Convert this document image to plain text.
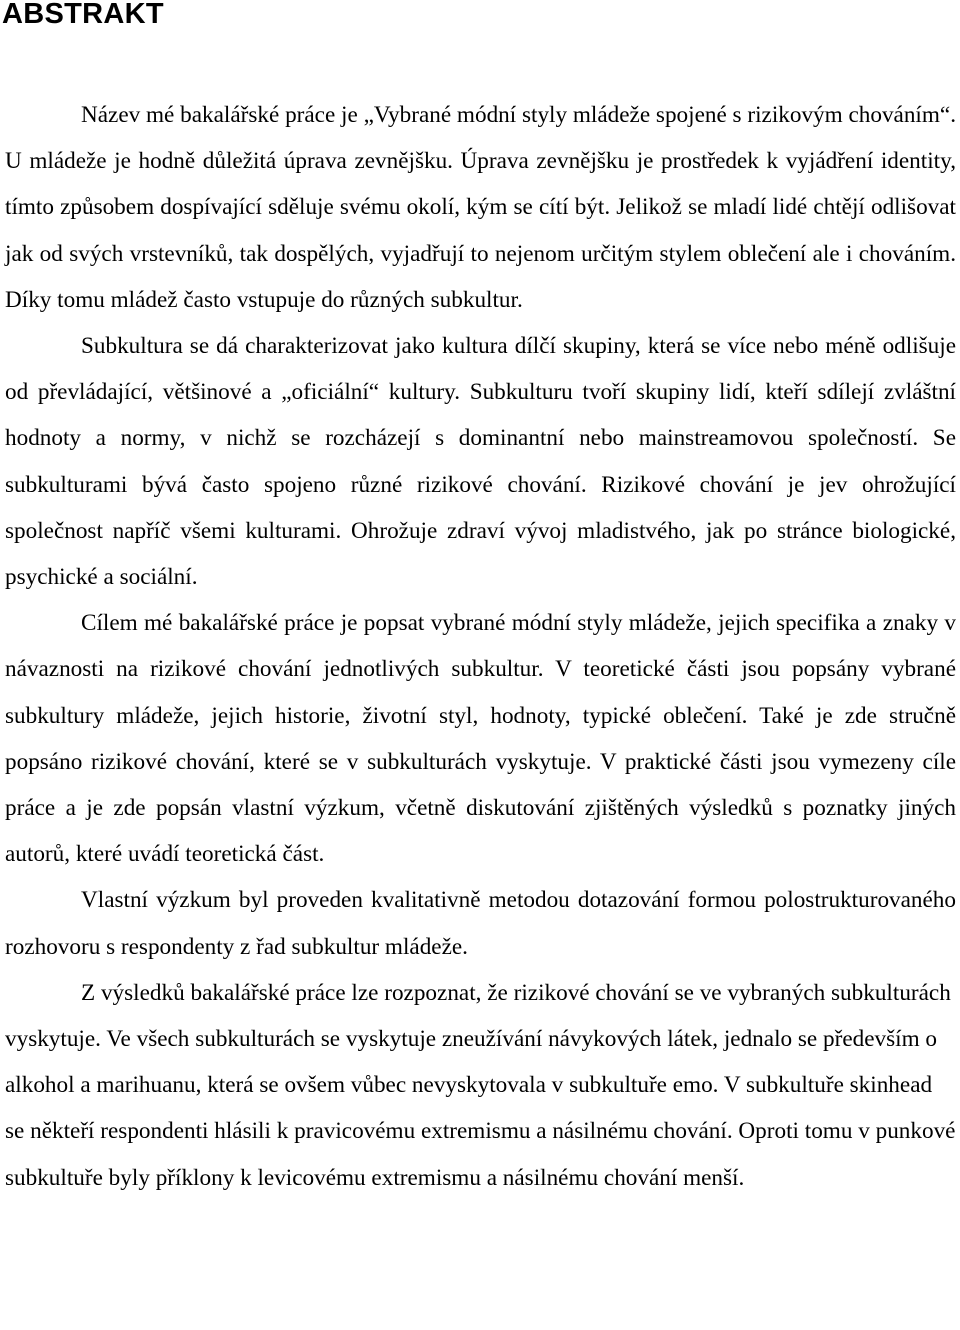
ABSTRAKT

Název mé bakalářské práce je „Vybrané módní styly mládeže spojené s rizikovým chováním“. U mládeže je hodně důležitá úprava zevnějšku. Úprava zevnějšku je prostředek k vyjádření identity, tímto způsobem dospívající sděluje svému okolí, kým se cítí být. Jelikož se mladí lidé chtějí odlišovat jak od svých vrstevníků, tak dospělých, vyjadřují to nejenom určitým stylem oblečení ale i chováním. Díky tomu mládež často vstupuje do různých subkultur.

Subkultura se dá charakterizovat jako kultura dílčí skupiny, která se více nebo méně odlišuje od převládající, většinové a „oficiální“ kultury. Subkulturu tvoří skupiny lidí, kteří sdílejí zvláštní hodnoty a normy, v nichž se rozcházejí s dominantní nebo mainstreamovou společností. Se subkulturami bývá často spojeno různé rizikové chování. Rizikové chování je jev ohrožující společnost napříč všemi kulturami. Ohrožuje zdraví vývoj mladistvého, jak po stránce biologické, psychické a sociální.

Cílem mé bakalářské práce je popsat vybrané módní styly mládeže, jejich specifika a znaky v návaznosti na rizikové chování jednotlivých subkultur. V teoretické části jsou popsány vybrané subkultury mládeže, jejich historie, životní styl, hodnoty, typické oblečení. Také je zde stručně popsáno rizikové chování, které se v subkulturách vyskytuje. V praktické části jsou vymezeny cíle práce a je zde popsán vlastní výzkum, včetně diskutování zjištěných výsledků s poznatky jiných autorů, které uvádí teoretická část.

Vlastní výzkum byl proveden kvalitativně metodou dotazování formou polostrukturovaného rozhovoru s respondenty z řad subkultur mládeže.

Z výsledků bakalářské práce lze rozpoznat, že rizikové chování se ve vybraných subkulturách vyskytuje. Ve všech subkulturách se vyskytuje zneužívání návykových látek, jednalo se především o alkohol a marihuanu, která se ovšem vůbec nevyskytovala v subkultuře emo. V subkultuře skinhead se někteří respondenti hlásili k pravicovému extremismu a násilnému chování. Oproti tomu v punkové subkultuře byly příklony k levicovému extremismu a násilnému chování menší.
